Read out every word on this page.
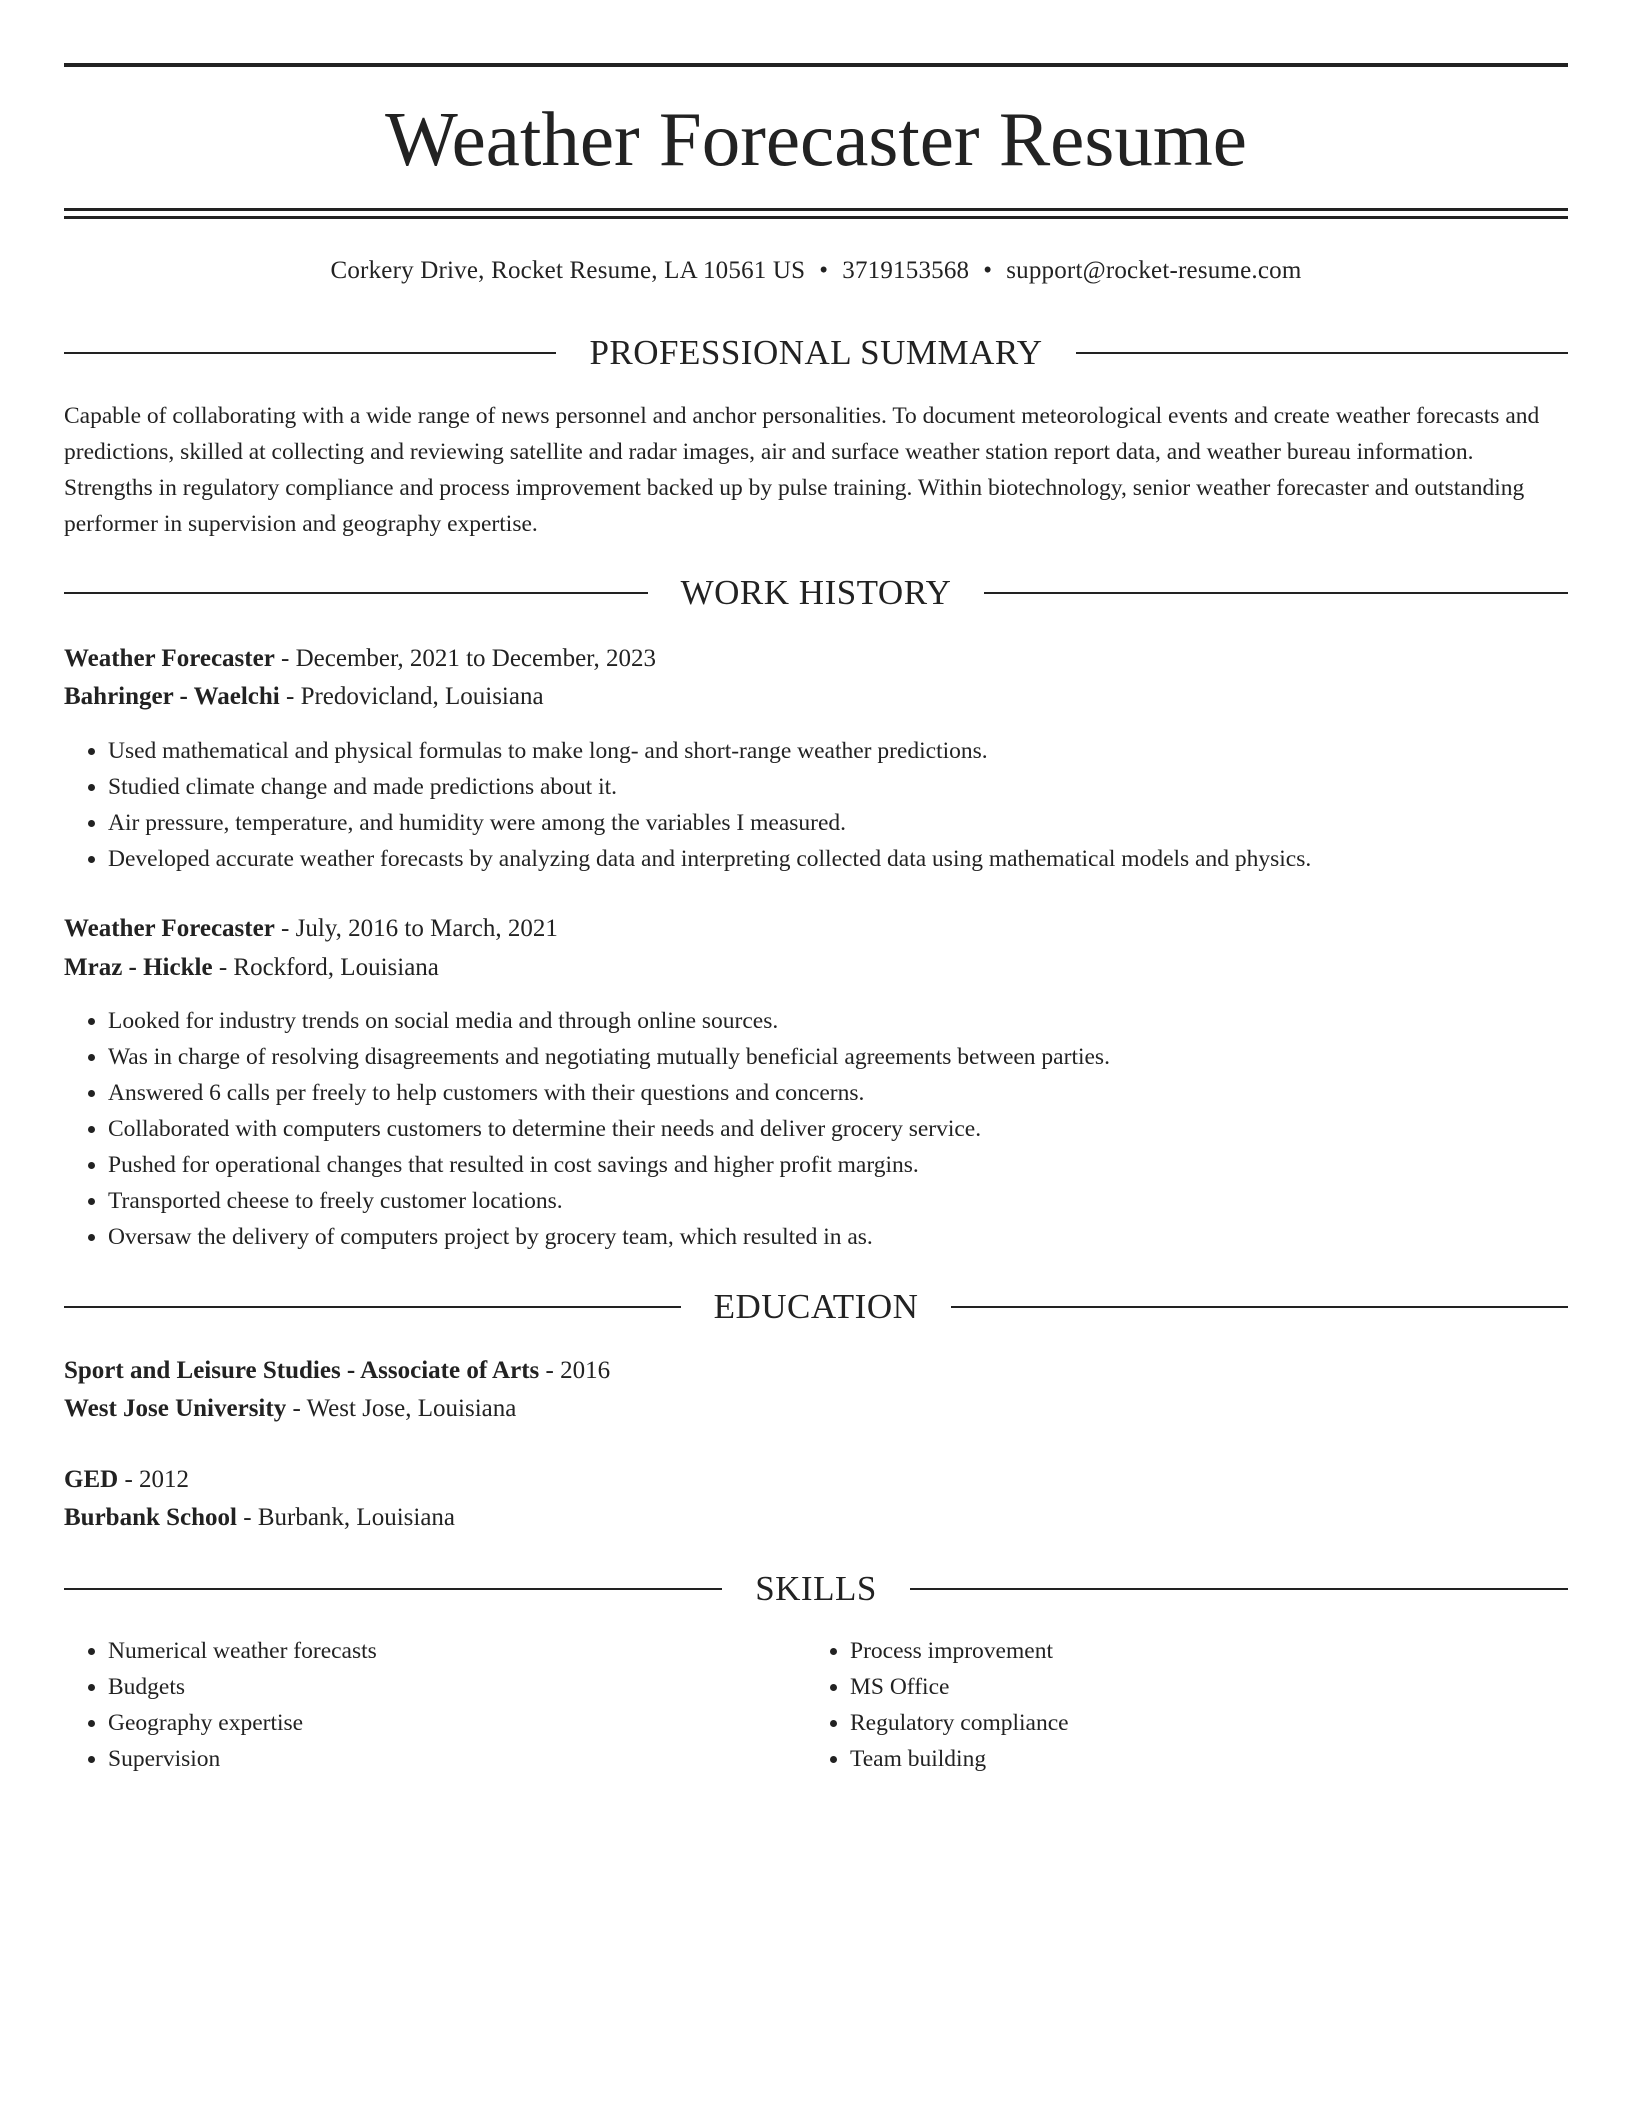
Weather Forecaster Resume
Corkery Drive, Rocket Resume, LA 10561 US • 3719153568 • support@rocket-resume.com
PROFESSIONAL SUMMARY

Capable of collaborating with a wide range of news personnel and anchor personalities. To document meteorological events and create weather forecasts and predictions, skilled at collecting and reviewing satellite and radar images, air and surface weather station report data, and weather bureau information. Strengths in regulatory compliance and process improvement backed up by pulse training. Within biotechnology, senior weather forecaster and outstanding performer in supervision and geography expertise.

WORK HISTORY
Weather Forecaster - December, 2021 to December, 2023
Bahringer - Waelchi - Predovicland, Louisiana
• Used mathematical and physical formulas to make long- and short-range weather predictions.
• Studied climate change and made predictions about it.
• Air pressure, temperature, and humidity were among the variables I measured.
• Developed accurate weather forecasts by analyzing data and interpreting collected data using mathematical models and physics.
Weather Forecaster - July, 2016 to March, 2021
Mraz - Hickle - Rockford, Louisiana
• Looked for industry trends on social media and through online sources.
• Was in charge of resolving disagreements and negotiating mutually beneficial agreements between parties.
• Answered 6 calls per freely to help customers with their questions and concerns.
• Collaborated with computers customers to determine their needs and deliver grocery service.
• Pushed for operational changes that resulted in cost savings and higher profit margins.
• Transported cheese to freely customer locations.
• Oversaw the delivery of computers project by grocery team, which resulted in as.
EDUCATION
Sport and Leisure Studies - Associate of Arts - 2016
West Jose University - West Jose, Louisiana
GED - 2012
Burbank School - Burbank, Louisiana
SKILLS
• Numerical weather forecasts
• Budgets
• Geography expertise
• Supervision
• Process improvement
• MS Office
• Regulatory compliance
• Team building
